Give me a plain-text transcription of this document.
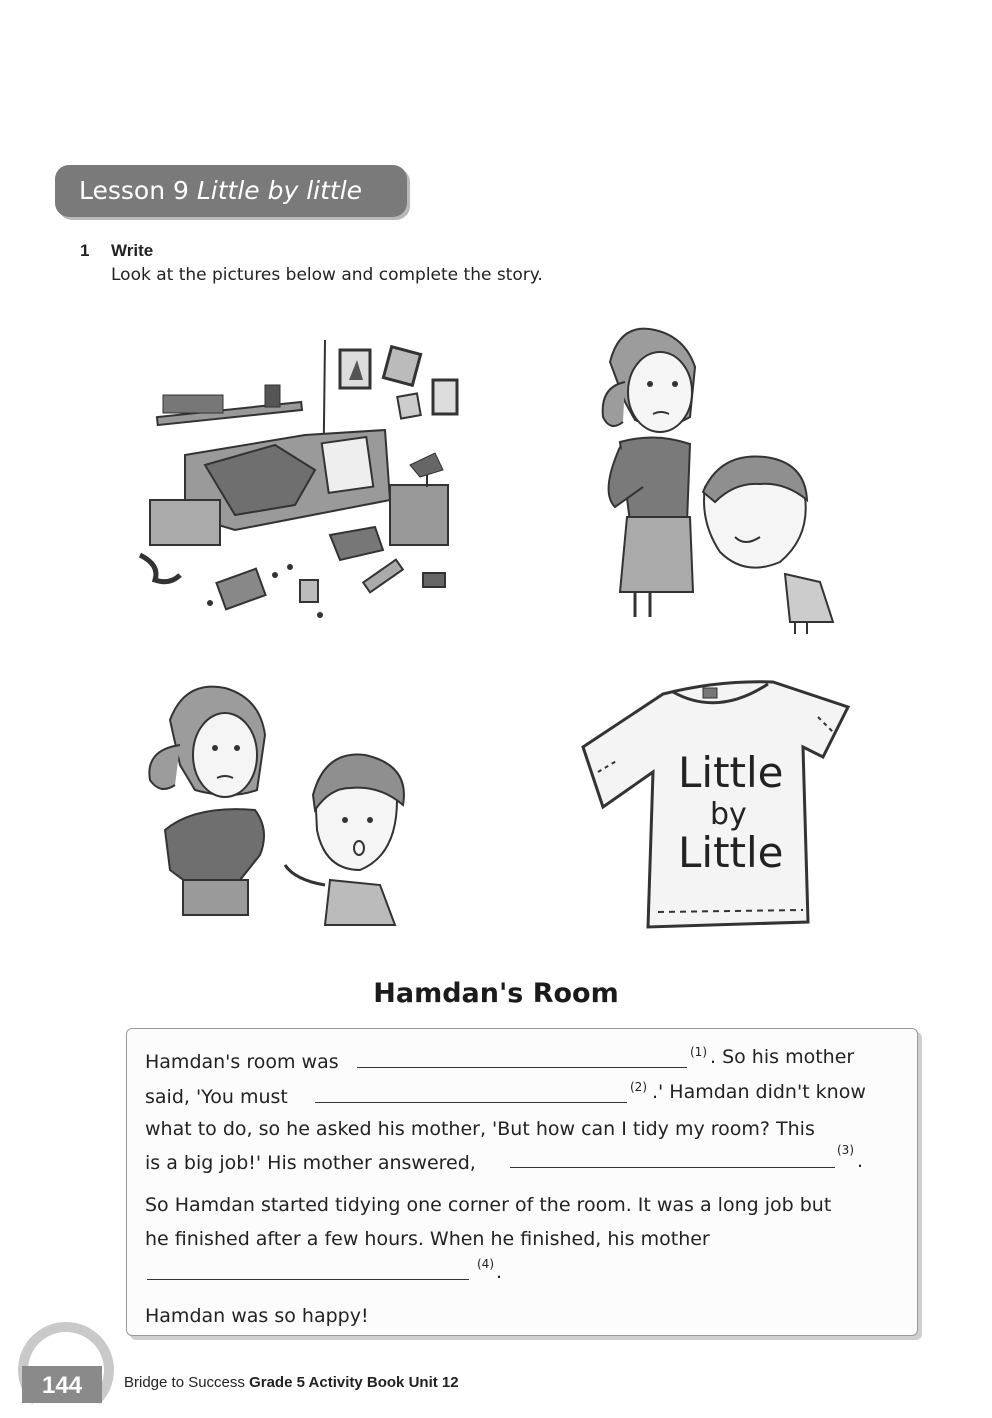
Lesson 9 Little by little
1 Write
Look at the pictures below and complete the story.
Little
by
Little
Hamdan's Room
Hamdan's room was	(1) . So his mother
said, 'You must	(2) .' Hamdan didn't know
what to do, so he asked his mother, 'But how can I tidy my room? This
is a big job!' His mother answered,
(3) .
So Hamdan started tidying one corner of the room. It was a long job but
he finished after a few hours. When he finished, his mother
(4) .
Hamdan was so happy!
144	Bridge to Success Grade 5 Activity Book Unit 12
